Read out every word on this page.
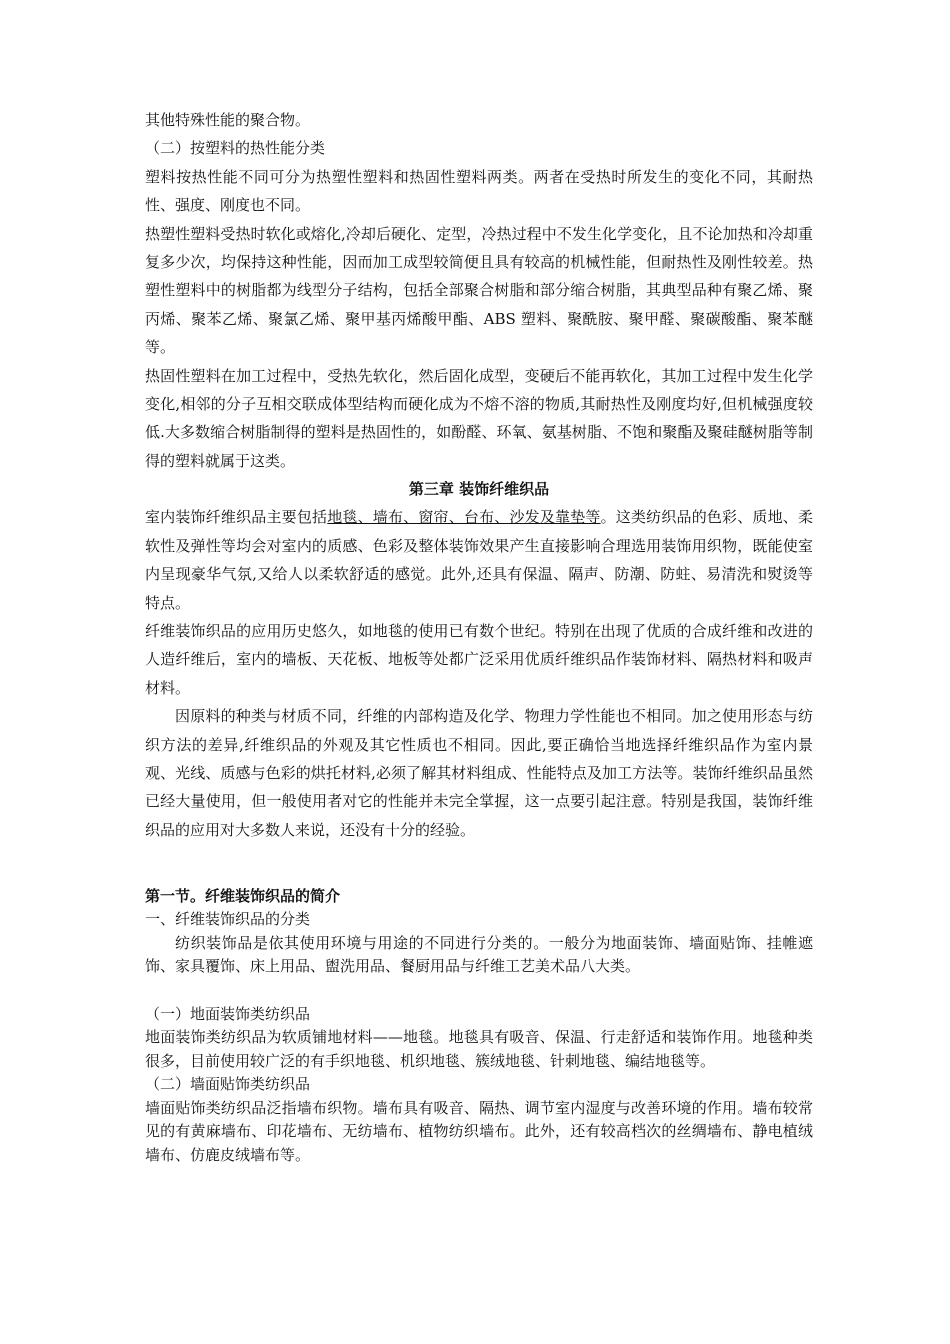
其他特殊性能的聚合物。

（二）按塑料的热性能分类

塑料按热性能不同可分为热塑性塑料和热固性塑料两类。两者在受热时所发生的变化不同，其耐热性、强度、刚度也不同。

热塑性塑料受热时软化或熔化,冷却后硬化、定型，冷热过程中不发生化学变化，且不论加热和冷却重复多少次，均保持这种性能，因而加工成型较简便且具有较高的机械性能，但耐热性及刚性较差。热塑性塑料中的树脂都为线型分子结构，包括全部聚合树脂和部分缩合树脂，其典型品种有聚乙烯、聚丙烯、聚苯乙烯、聚氯乙烯、聚甲基丙烯酸甲酯、ABS 塑料、聚酰胺、聚甲醛、聚碳酸酯、聚苯醚等。

热固性塑料在加工过程中，受热先软化，然后固化成型，变硬后不能再软化，其加工过程中发生化学变化,相邻的分子互相交联成体型结构而硬化成为不熔不溶的物质,其耐热性及刚度均好,但机械强度较低.大多数缩合树脂制得的塑料是热固性的，如酚醛、环氧、氨基树脂、不饱和聚酯及聚硅醚树脂等制得的塑料就属于这类。

第三章 装饰纤维织品

室内装饰纤维织品主要包括地毯、墙布、窗帘、台布、沙发及靠垫等。这类纺织品的色彩、质地、柔软性及弹性等均会对室内的质感、色彩及整体装饰效果产生直接影响合理选用装饰用织物，既能使室内呈现豪华气氛,又给人以柔软舒适的感觉。此外,还具有保温、隔声、防潮、防蛀、易清洗和熨烫等特点。

纤维装饰织品的应用历史悠久，如地毯的使用已有数个世纪。特别在出现了优质的合成纤维和改进的人造纤维后，室内的墙板、天花板、地板等处都广泛采用优质纤维织品作装饰材料、隔热材料和吸声材料。

因原料的种类与材质不同，纤维的内部构造及化学、物理力学性能也不相同。加之使用形态与纺织方法的差异,纤维织品的外观及其它性质也不相同。因此,要正确恰当地选择纤维织品作为室内景观、光线、质感与色彩的烘托材料,必须了解其材料组成、性能特点及加工方法等。装饰纤维织品虽然已经大量使用，但一般使用者对它的性能并未完全掌握，这一点要引起注意。特别是我国，装饰纤维织品的应用对大多数人来说，还没有十分的经验。

第一节。纤维装饰织品的简介

一、纤维装饰织品的分类

纺织装饰品是依其使用环境与用途的不同进行分类的。一般分为地面装饰、墙面贴饰、挂帷遮饰、家具覆饰、床上用品、盥洗用品、餐厨用品与纤维工艺美术品八大类。

（一）地面装饰类纺织品

地面装饰类纺织品为软质铺地材料——地毯。地毯具有吸音、保温、行走舒适和装饰作用。地毯种类很多，目前使用较广泛的有手织地毯、机织地毯、簇绒地毯、针刺地毯、编结地毯等。

（二）墙面贴饰类纺织品

墙面贴饰类纺织品泛指墙布织物。墙布具有吸音、隔热、调节室内湿度与改善环境的作用。墙布较常见的有黄麻墙布、印花墙布、无纺墙布、植物纺织墙布。此外，还有较高档次的丝绸墙布、静电植绒墙布、仿鹿皮绒墙布等。
